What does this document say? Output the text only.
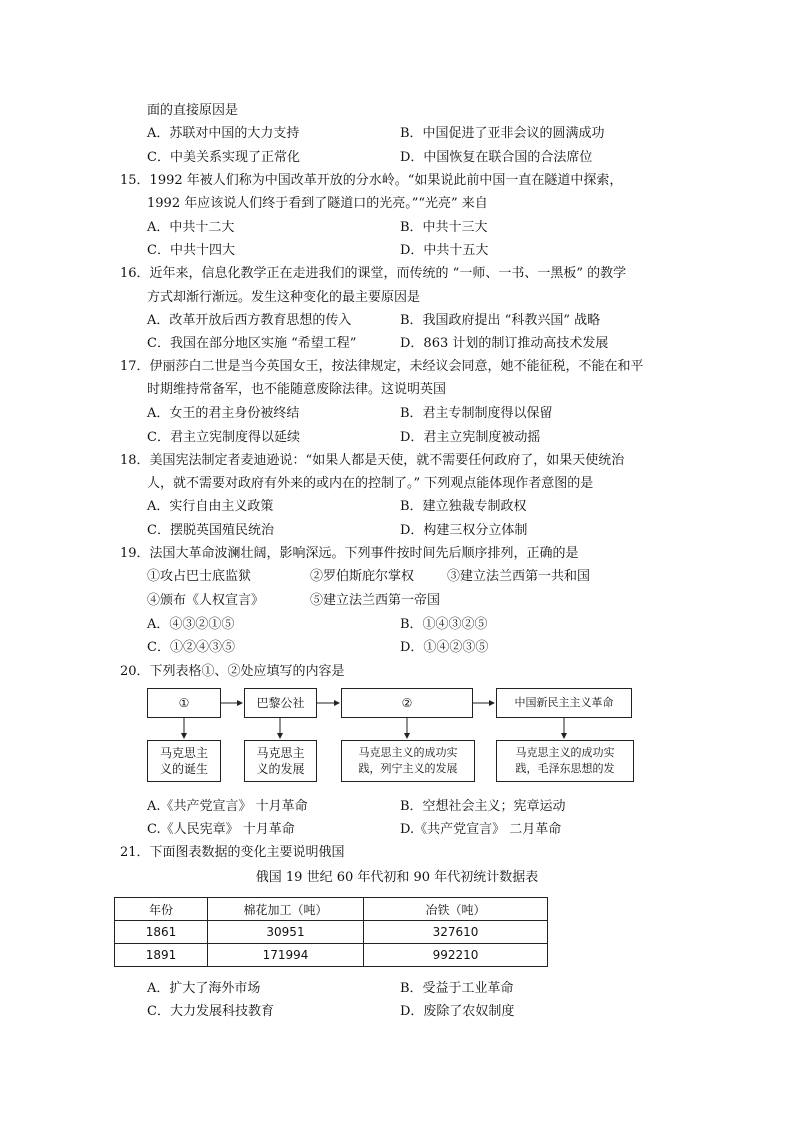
面的直接原因是
A．苏联对中国的大力支持	B．中国促进了亚非会议的圆满成功
C．中美关系实现了正常化	D．中国恢复在联合国的合法席位
15．1992 年被人们称为中国改革开放的分水岭。“如果说此前中国一直在隧道中探索，
1992 年应该说人们终于看到了隧道口的光亮。”“光亮” 来自
A．中共十二大	B．中共十三大
C．中共十四大	D．中共十五大
16．近年来，信息化教学正在走进我们的课堂，而传统的 “一师、一书、一黑板” 的教学
方式却渐行渐远。发生这种变化的最主要原因是
A．改革开放后西方教育思想的传入	B．我国政府提出 “科教兴国” 战略
C．我国在部分地区实施 “希望工程”	D．863 计划的制订推动高技术发展
17．伊丽莎白二世是当今英国女王，按法律规定，未经议会同意，她不能征税，不能在和平
时期维持常备军，也不能随意废除法律。这说明英国
A．女王的君主身份被终结	B．君主专制制度得以保留
C．君主立宪制度得以延续	D．君主立宪制度被动摇
18．美国宪法制定者麦迪逊说：“如果人都是天使，就不需要任何政府了，如果天使统治
人，就不需要对政府有外来的或内在的控制了。” 下列观点能体现作者意图的是
A．实行自由主义政策	B．建立独裁专制政权
C．摆脱英国殖民统治	D．构建三权分立体制
19．法国大革命波澜壮阔，影响深远。下列事件按时间先后顺序排列，正确的是
①攻占巴士底监狱	②罗伯斯庇尔掌权	③建立法兰西第一共和国
④颁布《人权宣言》	⑤建立法兰西第一帝国
A．④③②①⑤	B．①④③②⑤
C．①②④③⑤	D．①④②③⑤
20．下列表格①、②处应填写的内容是
①	巴黎公社	②	中国新民主主义革命
马克思主
义的诞生
马克思主
义的发展
马克思主义的成功实
践，列宁主义的发展
马克思主义的成功实
践，毛泽东思想的发
A.《共产党宣言》 十月革命	B．空想社会主义；宪章运动
C.《人民宪章》 十月革命	D.《共产党宣言》 二月革命
21．下面图表数据的变化主要说明俄国
俄国 19 世纪 60 年代初和 90 年代初统计数据表
年份	棉花加工（吨）	冶铁（吨）
1861	30951	327610
1891	171994	992210
A．扩大了海外市场	B．受益于工业革命
C．大力发展科技教育	D．废除了农奴制度
